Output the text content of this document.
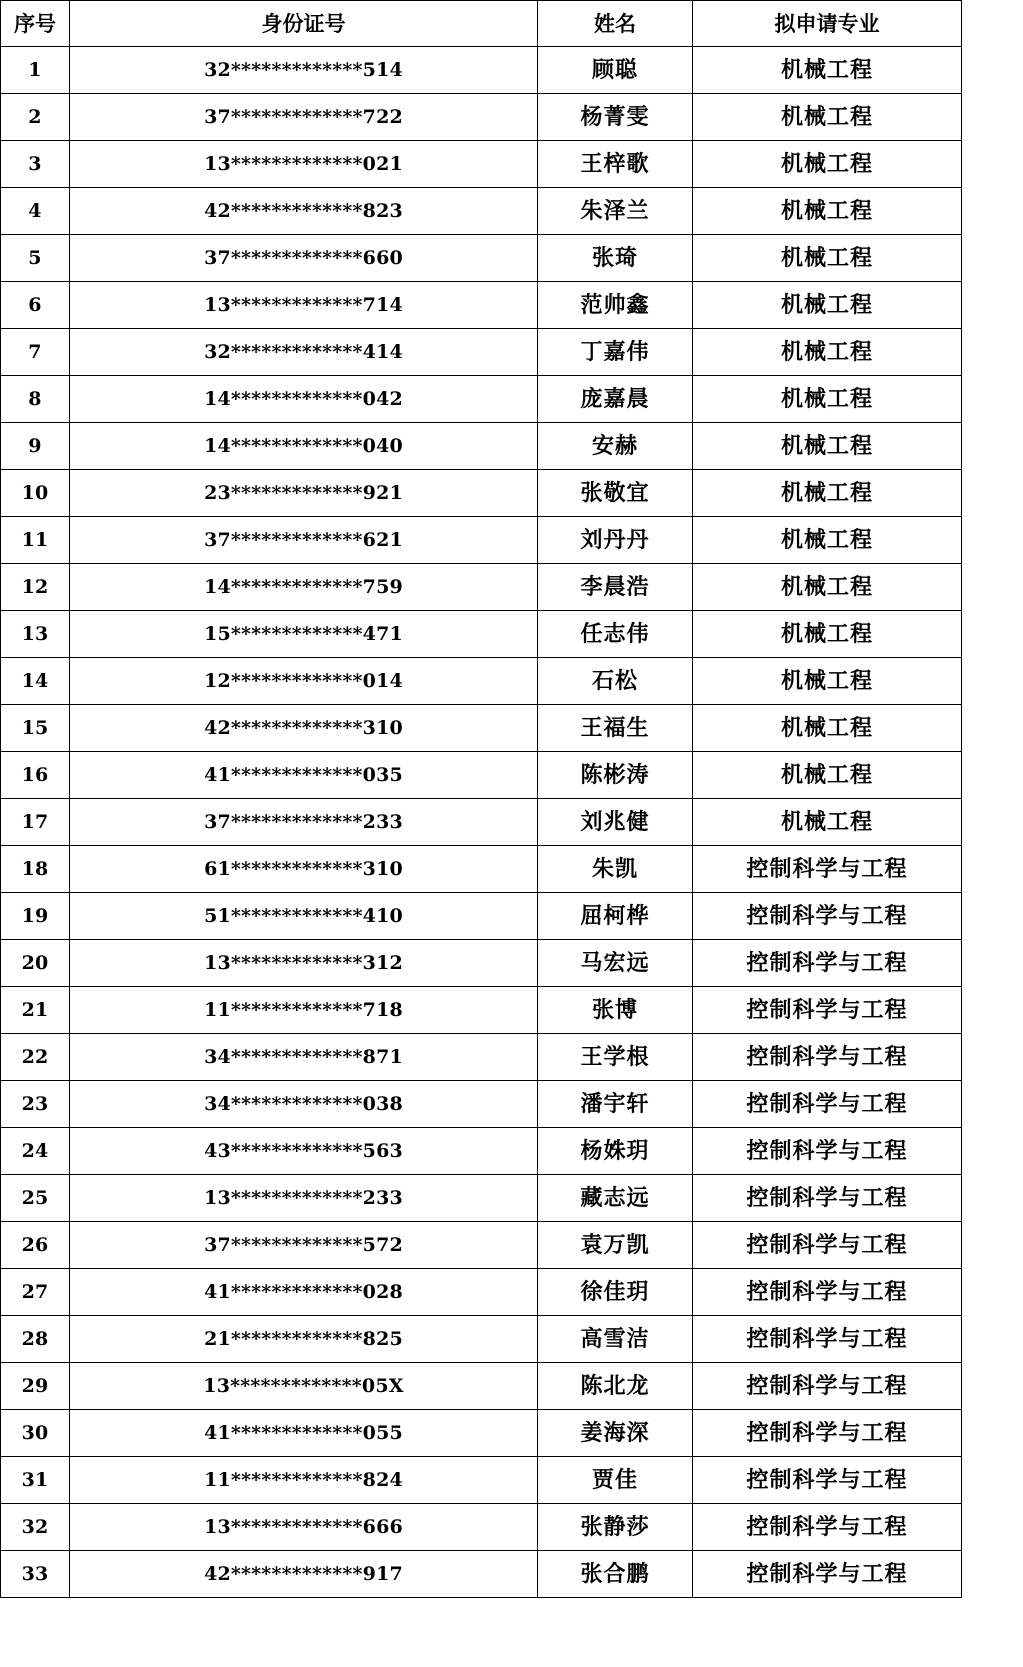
序号	身份证号	姓名	拟申请专业
1	32*************514	顾聪	机械工程
2	37*************722	杨菁雯	机械工程
3	13*************021	王梓歌	机械工程
4	42*************823	朱泽兰	机械工程
5	37*************660	张琦	机械工程
6	13*************714	范帅鑫	机械工程
7	32*************414	丁嘉伟	机械工程
8	14*************042	庞嘉晨	机械工程
9	14*************040	安赫	机械工程
10	23*************921	张敬宜	机械工程
11	37*************621	刘丹丹	机械工程
12	14*************759	李晨浩	机械工程
13	15*************471	任志伟	机械工程
14	12*************014	石松	机械工程
15	42*************310	王福生	机械工程
16	41*************035	陈彬涛	机械工程
17	37*************233	刘兆健	机械工程
18	61*************310	朱凯	控制科学与工程
19	51*************410	屈柯桦	控制科学与工程
20	13*************312	马宏远	控制科学与工程
21	11*************718	张博	控制科学与工程
22	34*************871	王学根	控制科学与工程
23	34*************038	潘宇轩	控制科学与工程
24	43*************563	杨姝玥	控制科学与工程
25	13*************233	藏志远	控制科学与工程
26	37*************572	袁万凯	控制科学与工程
27	41*************028	徐佳玥	控制科学与工程
28	21*************825	高雪洁	控制科学与工程
29	13*************05X	陈北龙	控制科学与工程
30	41*************055	姜海深	控制科学与工程
31	11*************824	贾佳	控制科学与工程
32	13*************666	张静莎	控制科学与工程
33	42*************917	张合鹏	控制科学与工程
